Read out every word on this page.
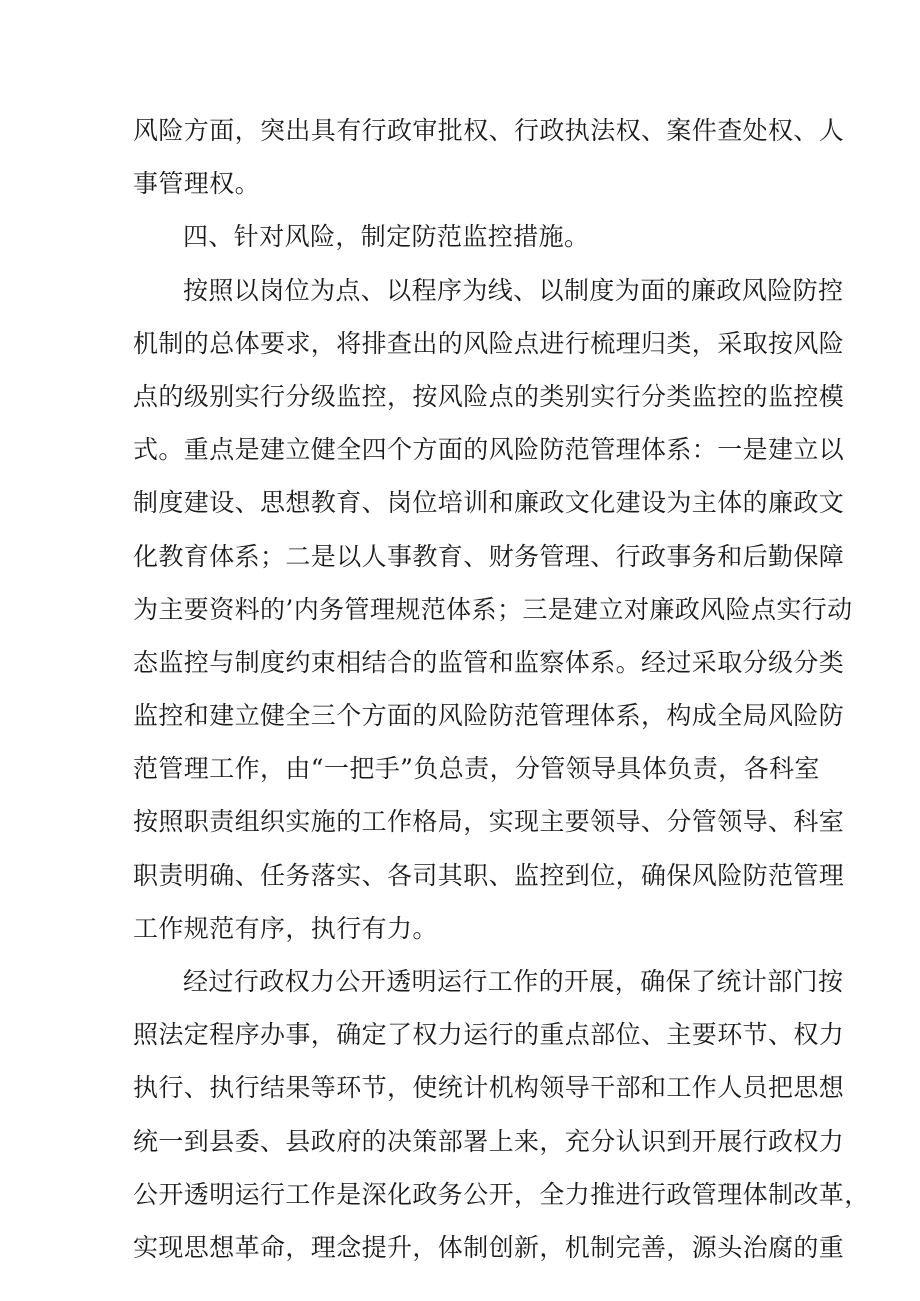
风险方面，突出具有行政审批权、行政执法权、案件查处权、人
事管理权。
四、针对风险，制定防范监控措施。
按照以岗位为点、以程序为线、以制度为面的廉政风险防控
机制的总体要求，将排查出的风险点进行梳理归类，采取按风险
点的级别实行分级监控，按风险点的类别实行分类监控的监控模
式。重点是建立健全四个方面的风险防范管理体系：一是建立以
制度建设、思想教育、岗位培训和廉政文化建设为主体的廉政文
化教育体系；二是以人事教育、财务管理、行政事务和后勤保障
为主要资料的’内务管理规范体系；三是建立对廉政风险点实行动
态监控与制度约束相结合的监管和监察体系。经过采取分级分类
监控和建立健全三个方面的风险防范管理体系，构成全局风险防
范管理工作，由“一把手”负总责，分管领导具体负责，各科室
按照职责组织实施的工作格局，实现主要领导、分管领导、科室
职责明确、任务落实、各司其职、监控到位，确保风险防范管理
工作规范有序，执行有力。
经过行政权力公开透明运行工作的开展，确保了统计部门按
照法定程序办事，确定了权力运行的重点部位、主要环节、权力
执行、执行结果等环节，使统计机构领导干部和工作人员把思想
统一到县委、县政府的决策部署上来，充分认识到开展行政权力
公开透明运行工作是深化政务公开，全力推进行政管理体制改革，
实现思想革命，理念提升，体制创新，机制完善，源头治腐的重
